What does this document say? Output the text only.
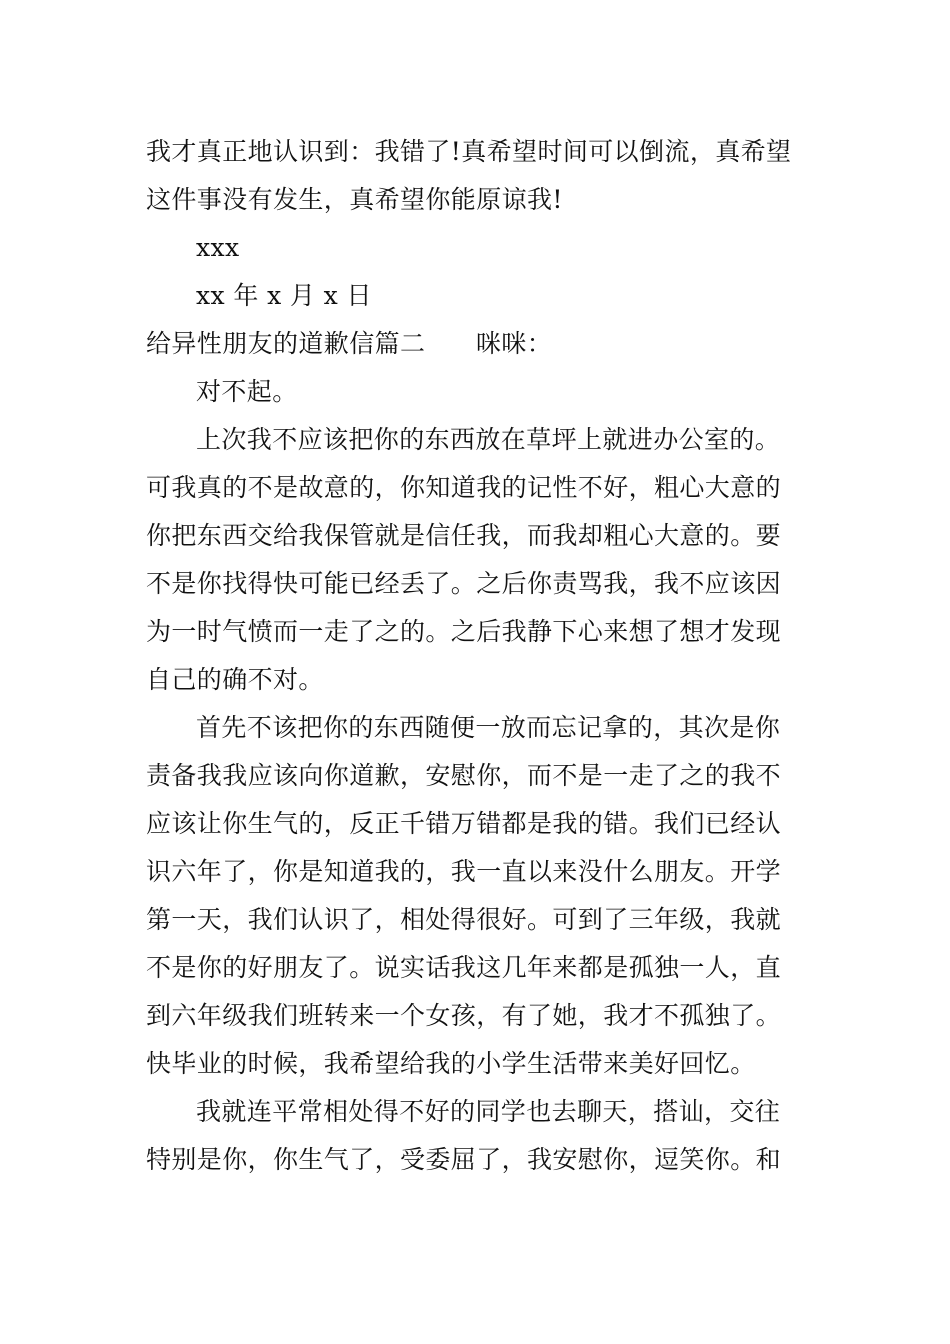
我才真正地认识到：我错了!真希望时间可以倒流，真希望
这件事没有发生，真希望你能原谅我!
xxx
xx 年 x 月 x 日
给异性朋友的道歉信篇二	咪咪：
对不起。
上次我不应该把你的东西放在草坪上就进办公室的。
可我真的不是故意的，你知道我的记性不好，粗心大意的
你把东西交给我保管就是信任我，而我却粗心大意的。要
不是你找得快可能已经丢了。之后你责骂我，我不应该因
为一时气愤而一走了之的。之后我静下心来想了想才发现
自己的确不对。
首先不该把你的东西随便一放而忘记拿的，其次是你
责备我我应该向你道歉，安慰你，而不是一走了之的我不
应该让你生气的，反正千错万错都是我的错。我们已经认
识六年了，你是知道我的，我一直以来没什么朋友。开学
第一天，我们认识了，相处得很好。可到了三年级，我就
不是你的好朋友了。说实话我这几年来都是孤独一人，直
到六年级我们班转来一个女孩，有了她，我才不孤独了。
快毕业的时候，我希望给我的小学生活带来美好回忆。
我就连平常相处得不好的同学也去聊天，搭讪，交往
特别是你，你生气了，受委屈了，我安慰你，逗笑你。和
